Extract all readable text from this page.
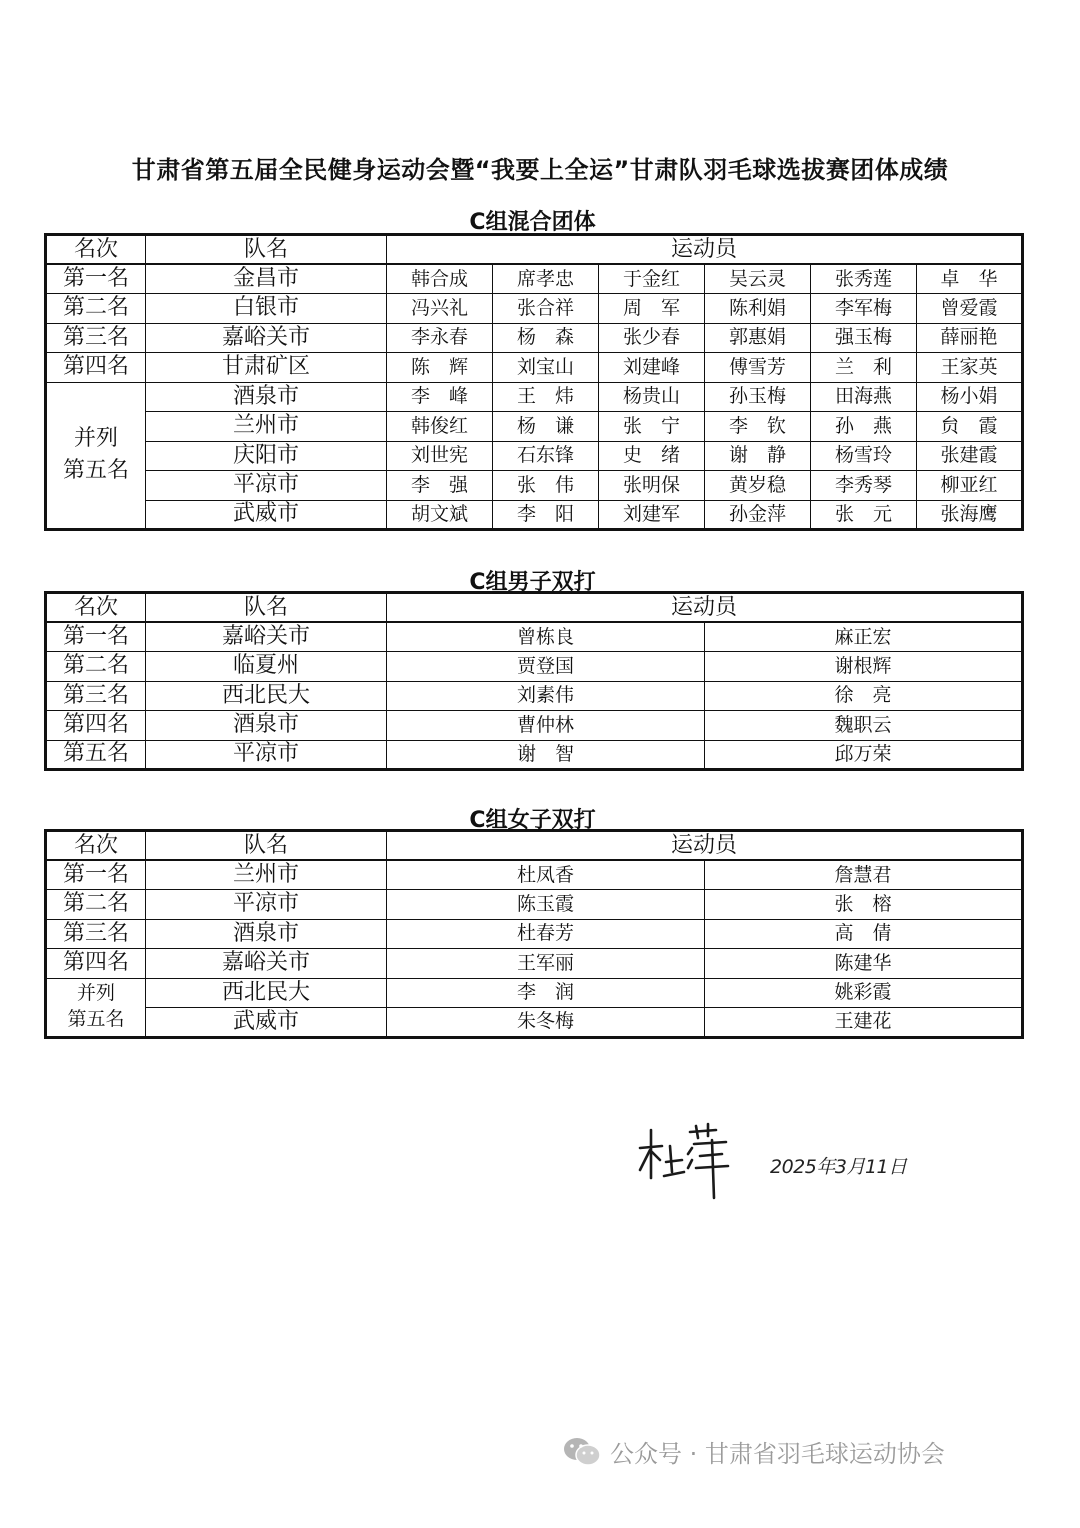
甘肃省第五届全民健身运动会暨“我要上全运”甘肃队羽毛球选拔赛团体成绩
C组混合团体
名次	队名	运动员					
第一名	金昌市	韩合成	席孝忠	于金红	吴云灵	张秀莲	卓　华
第二名	白银市	冯兴礼	张合祥	周　军	陈利娟	李军梅	曾爱霞
第三名	嘉峪关市	李永春	杨　森	张少春	郭惠娟	强玉梅	薛丽艳
第四名	甘肃矿区	陈　辉	刘宝山	刘建峰	傅雪芳	兰　利	王家英

并列
第五名	酒泉市	李　峰	王　炜	杨贵山	孙玉梅	田海燕	杨小娟
	兰州市	韩俊红	杨　谦	张　宁	李　钦	孙　燕	贠　霞
	庆阳市	刘世宪	石东锋	史　绪	谢　静	杨雪玲	张建霞
	平凉市	李　强	张　伟	张明保	黄岁稳	李秀琴	柳亚红
	武威市	胡文斌	李　阳	刘建军	孙金萍	张　元	张海鹰
C组男子双打
名次	队名	运动员	
第一名	嘉峪关市	曾栋良	麻正宏
第二名	临夏州	贾登国	谢根辉
第三名	西北民大	刘素伟	徐　亮
第四名	酒泉市	曹仲林	魏职云
第五名	平凉市	谢　智	邱万荣
C组女子双打
名次	队名	运动员	
第一名	兰州市	杜凤香	詹慧君
第二名	平凉市	陈玉霞	张　榕
第三名	酒泉市	杜春芳	高　倩
第四名	嘉峪关市	王军丽	陈建华

并列
第五名	西北民大	李　润	姚彩霞
	武威市	朱冬梅	王建花
2025年3月11日
公众号 · 甘肃省羽毛球运动协会
